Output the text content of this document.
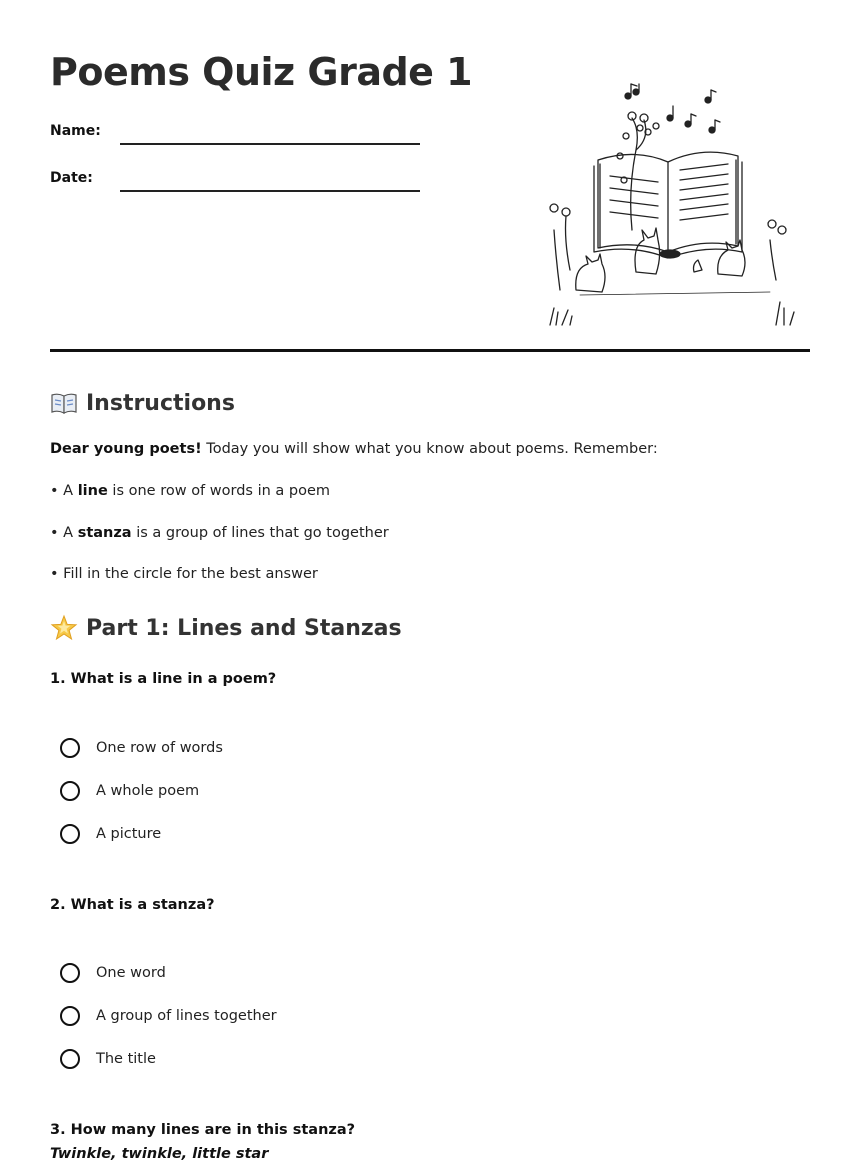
Poems Quiz Grade 1
Name:
Date:
Instructions
Dear young poets! Today you will show what you know about poems. Remember:
• A line is one row of words in a poem
• A stanza is a group of lines that go together
• Fill in the circle for the best answer
Part 1: Lines and Stanzas
1. What is a line in a poem?
One row of words
A whole poem
A picture
2. What is a stanza?
One word
A group of lines together
The title
3. How many lines are in this stanza?
Twinkle, twinkle, little star
